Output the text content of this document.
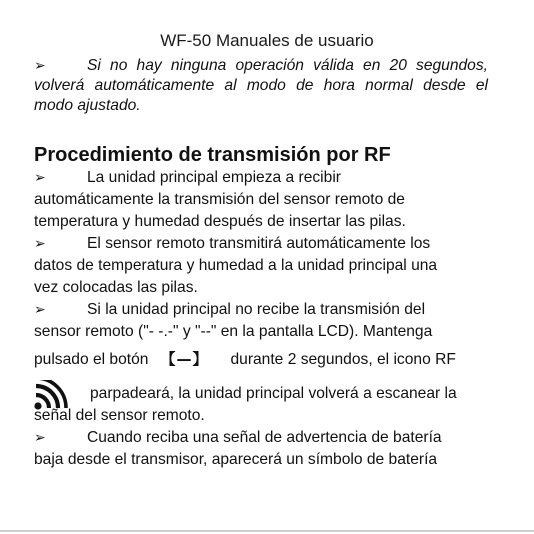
WF-50 Manuales de usuario
➢	Si no hay ninguna operación válida en 20 segundos,
volverá automáticamente al modo de hora normal desde el
modo ajustado.
Procedimiento de transmisión por RF
➢	La unidad principal empieza a recibir
automáticamente la transmisión del sensor remoto de
temperatura y humedad después de insertar las pilas.
➢	El sensor remoto transmitirá automáticamente los
datos de temperatura y humedad a la unidad principal una
vez colocadas las pilas.
➢	Si la unidad principal no recibe la transmisión del
sensor remoto ("- -.-" y "--" en la pantalla LCD). Mantenga
pulsado el botón 【—】 durante 2 segundos, el icono RF
parpadeará, la unidad principal volverá a escanear la
señal del sensor remoto.
➢	Cuando reciba una señal de advertencia de batería
baja desde el transmisor, aparecerá un símbolo de batería
